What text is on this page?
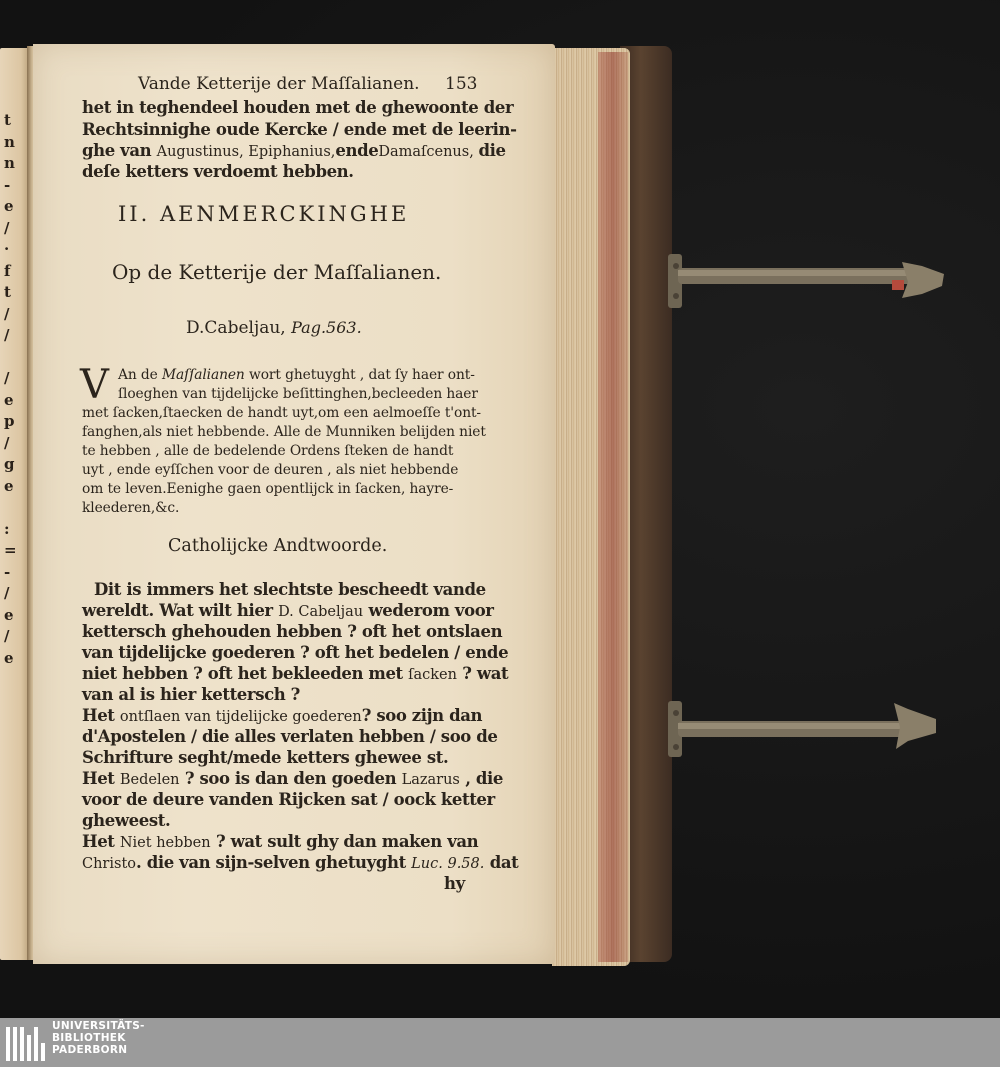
t
n
n
-
e
/
·
f
t
/
/

/
e
p
/
g
e

:
=
-
/
e
/
e
Vande Ketterije der Maſſalianen. 153
het in teghendeel houden met de ghewoonte der
Rechtsinnighe oude Kercke / ende met de leerin-
ghe van Augustinus, Epiphanius,endeDamaſcenus, die
deſe ketters verdoemt hebben.
II. AENMERCKINGHE
Op de Ketterije der Maſſalianen.
D.Cabeljau, Pag.563.
V An de Maſſalianen wort ghetuyght , dat ſy haer ont-
ſloeghen van tijdelijcke beſittinghen,becleeden haer
met ſacken,ſtaecken de handt uyt,om een aelmoeſſe t'ont-
fanghen,als niet hebbende. Alle de Munniken belijden niet
te hebben , alle de bedelende Ordens ſteken de handt
uyt , ende eyſſchen voor de deuren , als niet hebbende
om te leven.Eenighe gaen opentlijck in ſacken, hayre-
kleederen,&c.
Catholijcke Andtwoorde.
Dit is immers het slechtste bescheedt vande
wereldt. Wat wilt hier D. Cabeljau wederom voor
kettersch ghehouden hebben ? oft het ontslaen
van tijdelijcke goederen ? oft het bedelen / ende
niet hebben ? oft het bekleeden met ſacken ? wat
van al is hier kettersch ?
Het ontſlaen van tijdelijcke goederen? soo zijn dan
d'Apostelen / die alles verlaten hebben / soo de
Schrifture seght/mede ketters ghewee st.
Het Bedelen ? soo is dan den goeden Lazarus , die
voor de deure vanden Rijcken sat / oock ketter
gheweest.
Het Niet hebben ? wat sult ghy dan maken van
Christo. die van sijn-selven ghetuyght Luc. 9.58. dat
hy
UNIVERSITÄTS-
BIBLIOTHEK
PADERBORN
